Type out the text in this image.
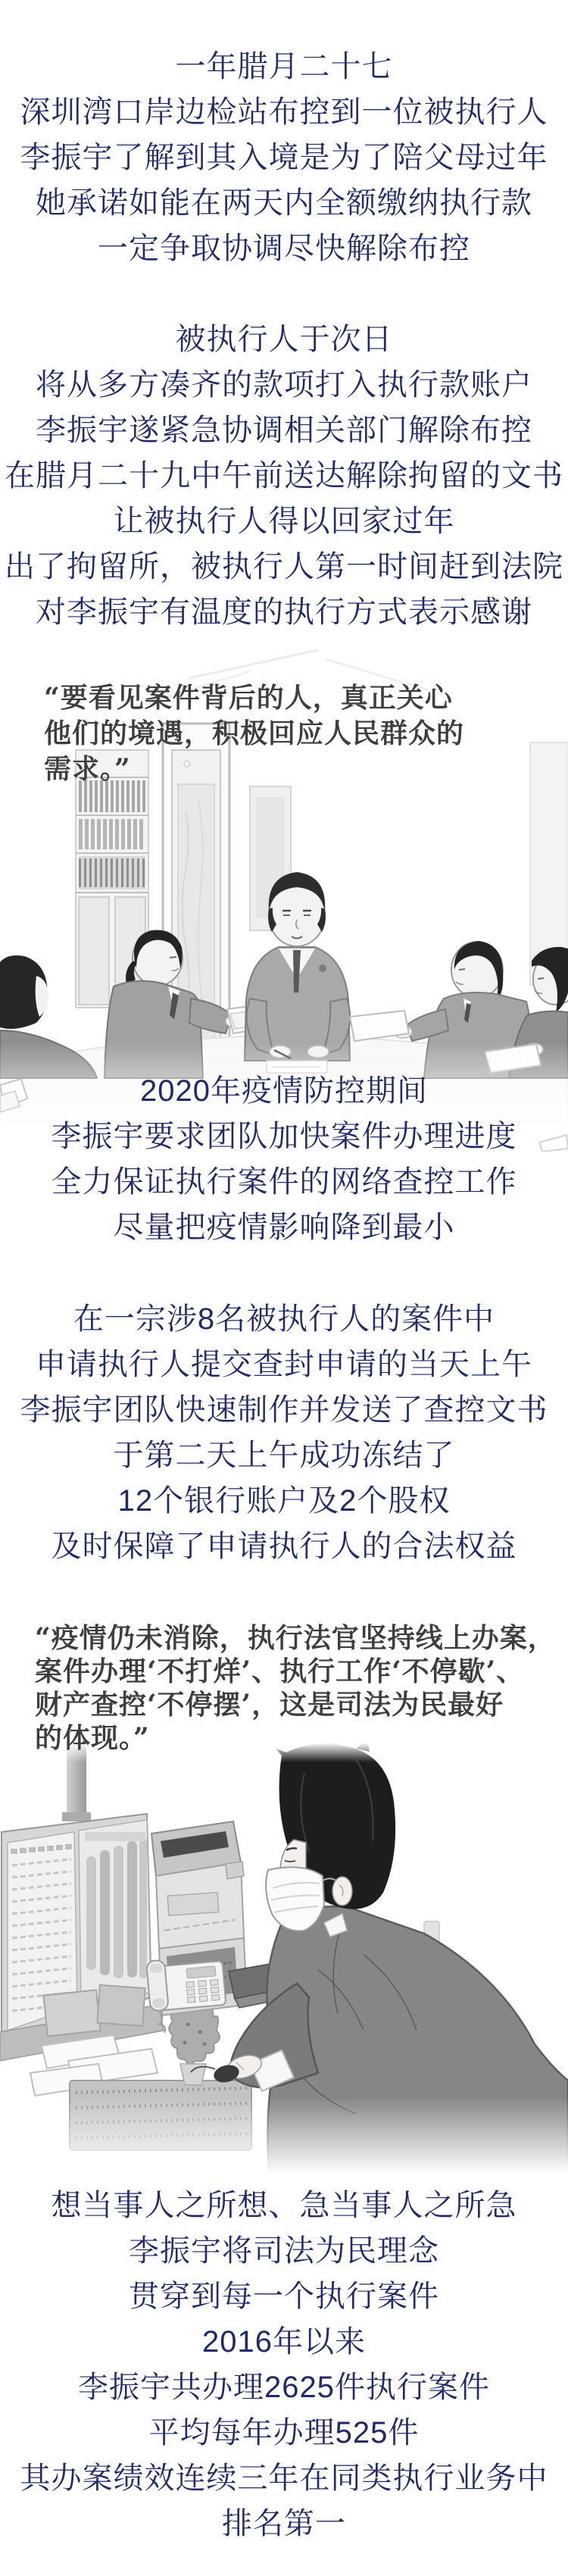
一年腊月二十七
深圳湾口岸边检站布控到一位被执行人
李振宇了解到其入境是为了陪父母过年
她承诺如能在两天内全额缴纳执行款
一定争取协调尽快解除布控
被执行人于次日
将从多方凑齐的款项打入执行款账户
李振宇遂紧急协调相关部门解除布控
在腊月二十九中午前送达解除拘留的文书
让被执行人得以回家过年
出了拘留所，被执行人第一时间赶到法院
对李振宇有温度的执行方式表示感谢
“要看见案件背后的人，真正关心
他们的境遇，积极回应人民群众的
需求。”
2020年疫情防控期间
李振宇要求团队加快案件办理进度
全力保证执行案件的网络查控工作
尽量把疫情影响降到最小
在一宗涉8名被执行人的案件中
申请执行人提交查封申请的当天上午
李振宇团队快速制作并发送了查控文书
于第二天上午成功冻结了
12个银行账户及2个股权
及时保障了申请执行人的合法权益
“疫情仍未消除，执行法官坚持线上办案，
案件办理‘不打烊’、执行工作‘不停歇’、
财产查控‘不停摆’，这是司法为民最好
的体现。”
想当事人之所想、急当事人之所急
李振宇将司法为民理念
贯穿到每一个执行案件
2016年以来
李振宇共办理2625件执行案件
平均每年办理525件
其办案绩效连续三年在同类执行业务中
排名第一
